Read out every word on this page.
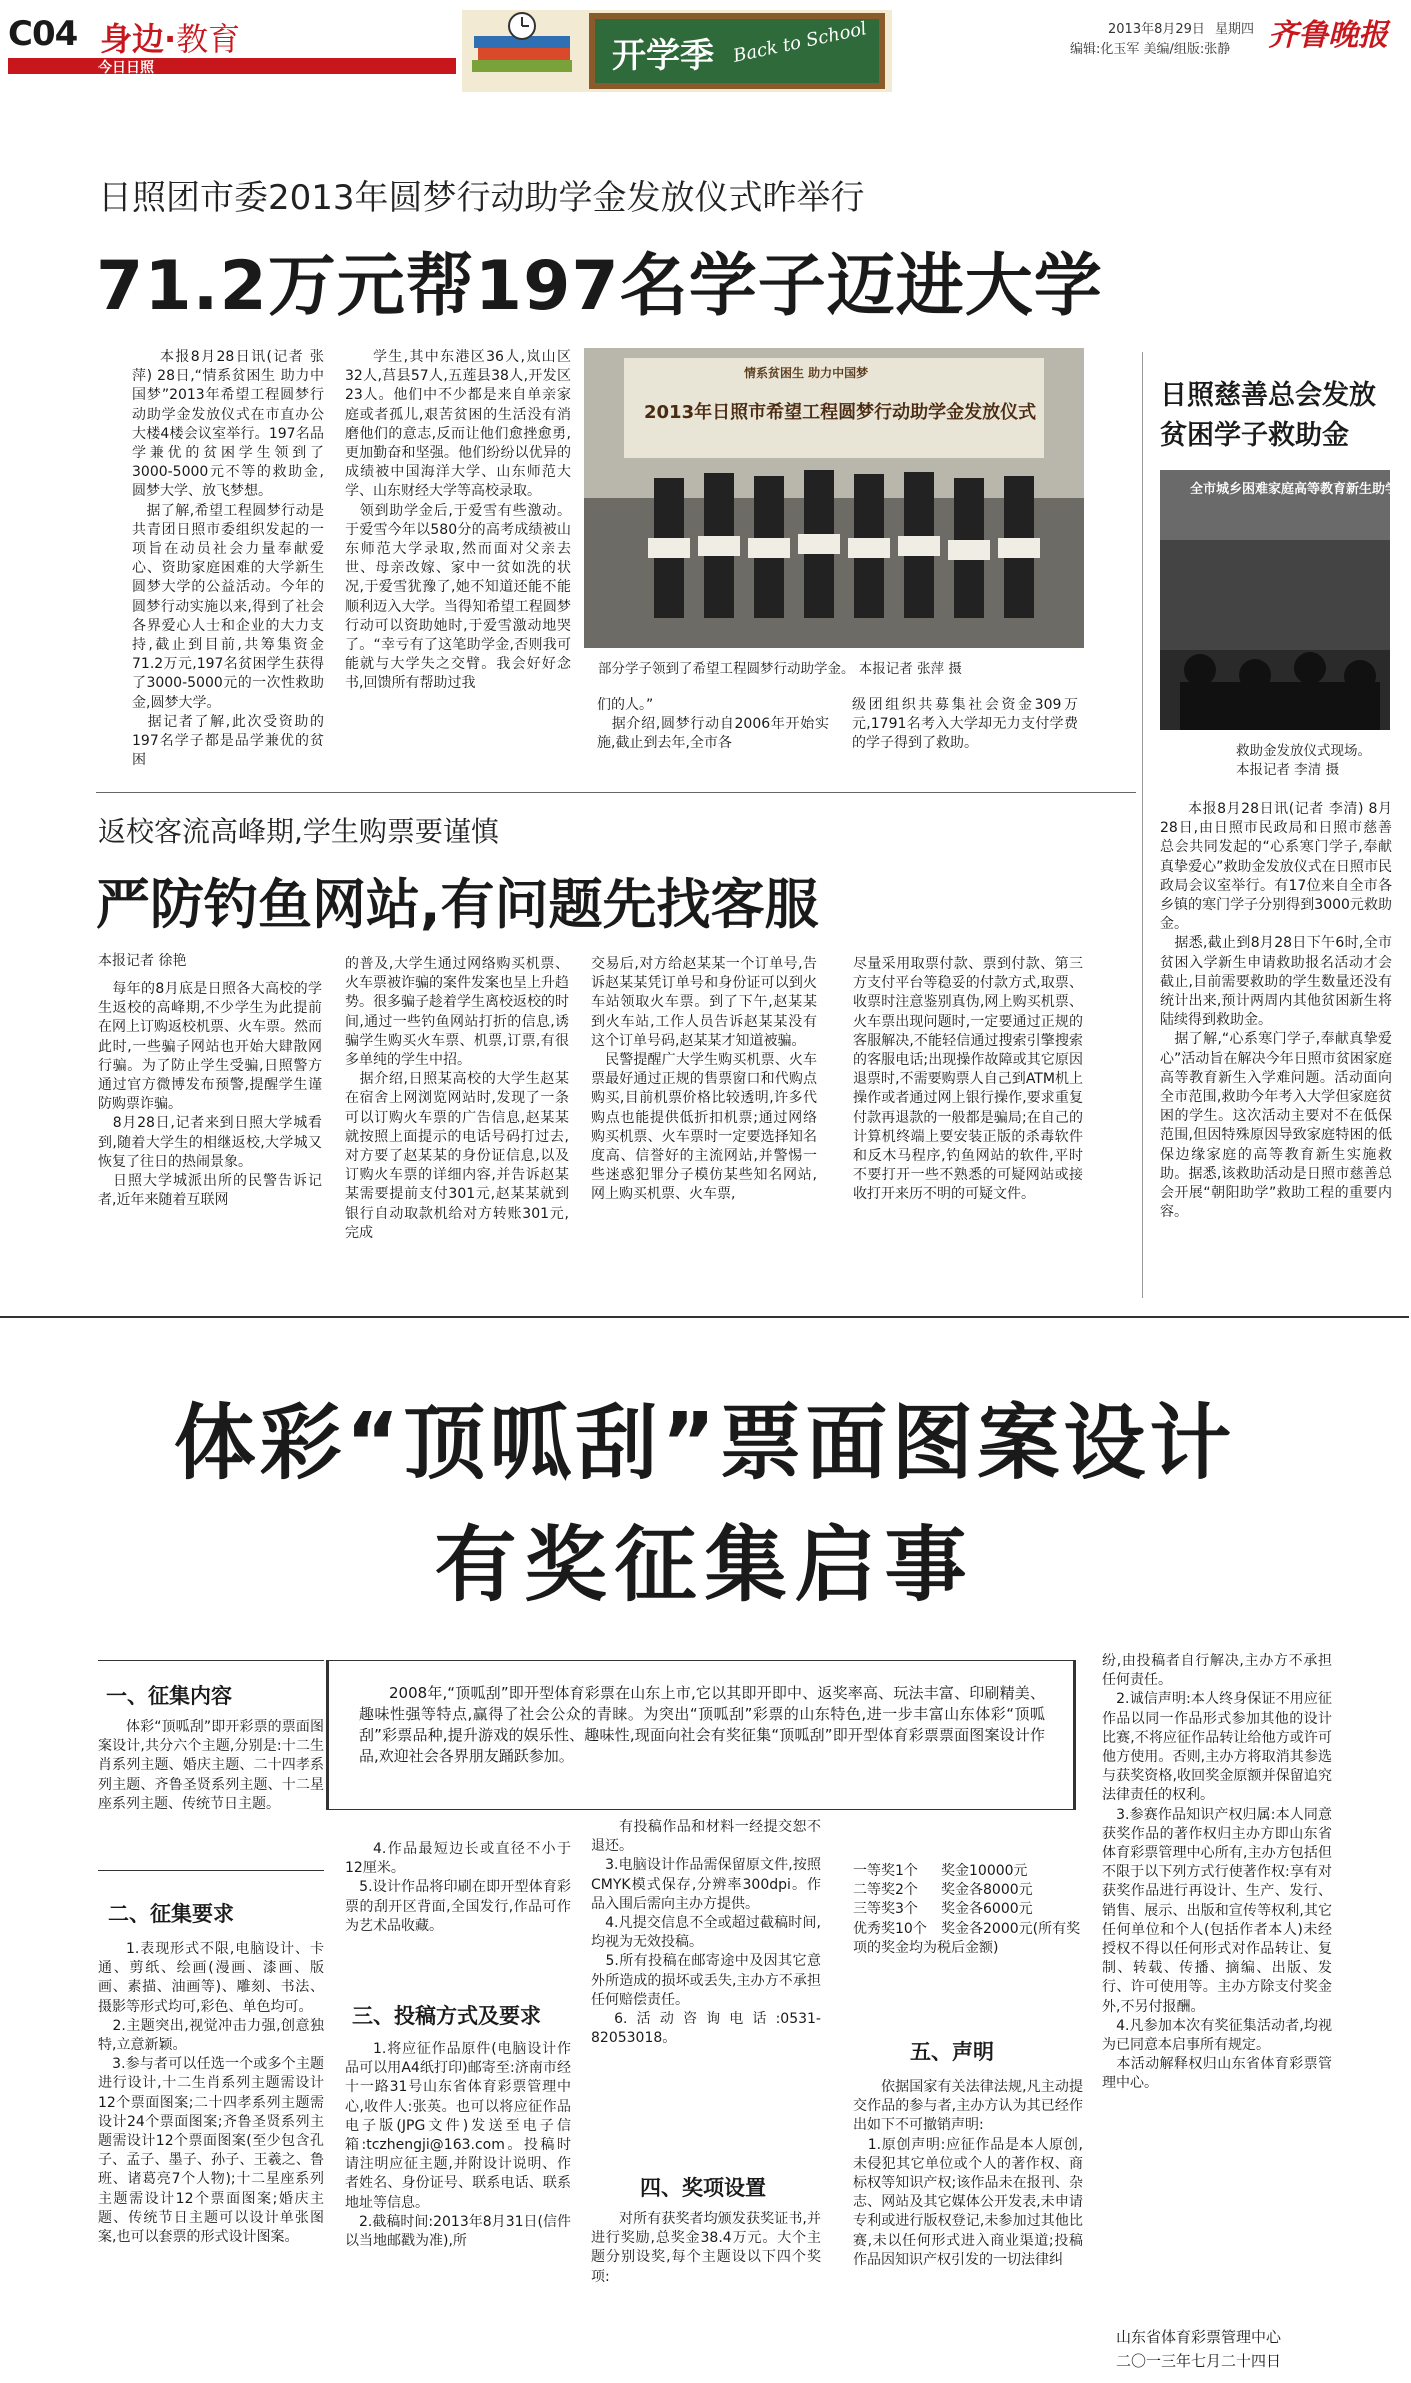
C04 身边·教育
今日日照	开学季 Back to School	2013年8月29日 星期四
编辑:化玉军 美编/组版:张静 齐鲁晚报
日照团市委2013年圆梦行动助学金发放仪式昨举行
71.2万元帮197名学子迈进大学
本报8月28日讯(记者 张萍) 28日,“情系贫困生 助力中国梦”2013年希望工程圆梦行动助学金发放仪式在市直办公大楼4楼会议室举行。197名品学兼优的贫困学生领到了3000-5000元不等的救助金,圆梦大学、放飞梦想。
　据了解,希望工程圆梦行动是共青团日照市委组织发起的一项旨在动员社会力量奉献爱心、资助家庭困难的大学新生圆梦大学的公益活动。今年的圆梦行动实施以来,得到了社会各界爱心人士和企业的大力支持,截止到目前,共筹集资金71.2万元,197名贫困学生获得了3000-5000元的一次性救助金,圆梦大学。
　据记者了解,此次受资助的197名学子都是品学兼优的贫困
学生,其中东港区36人,岚山区32人,莒县57人,五莲县38人,开发区23人。他们中不少都是来自单亲家庭或者孤儿,艰苦贫困的生活没有消磨他们的意志,反而让他们愈挫愈勇,更加勤奋和坚强。他们纷纷以优异的成绩被中国海洋大学、山东师范大学、山东财经大学等高校录取。
　领到助学金后,于爱雪有些激动。于爱雪今年以580分的高考成绩被山东师范大学录取,然而面对父亲去世、母亲改嫁、家中一贫如洗的状况,于爱雪犹豫了,她不知道还能不能顺利迈入大学。当得知希望工程圆梦行动可以资助她时,于爱雪激动地哭了。“幸亏有了这笔助学金,否则我可能就与大学失之交臂。我会好好念书,回馈所有帮助过我
情系贫困生 助力中国梦
2013年日照市希望工程圆梦行动助学金发放仪式
部分学子领到了希望工程圆梦行动助学金。 本报记者 张萍 摄
们的人。”
　据介绍,圆梦行动自2006年开始实施,截止到去年,全市各
级团组织共募集社会资金309万元,1791名考入大学却无力支付学费的学子得到了救助。
日照慈善总会发放贫困学子救助金
全市城乡困难家庭高等教育新生助学金
救助金发放仪式现场。
本报记者 李清 摄
本报8月28日讯(记者 李清) 8月28日,由日照市民政局和日照市慈善总会共同发起的“心系寒门学子,奉献真挚爱心”救助金发放仪式在日照市民政局会议室举行。有17位来自全市各乡镇的寒门学子分别得到3000元救助金。
　据悉,截止到8月28日下午6时,全市贫困入学新生申请救助报名活动才会截止,目前需要救助的学生数量还没有统计出来,预计两周内其他贫困新生将陆续得到救助金。
　据了解,“心系寒门学子,奉献真挚爱心”活动旨在解决今年日照市贫困家庭高等教育新生入学难问题。活动面向全市范围,救助今年考入大学但家庭贫困的学生。这次活动主要对不在低保范围,但因特殊原因导致家庭特困的低保边缘家庭的高等教育新生实施救助。据悉,该救助活动是日照市慈善总会开展“朝阳助学”救助工程的重要内容。
返校客流高峰期,学生购票要谨慎
严防钓鱼网站,有问题先找客服
本报记者 徐艳
　每年的8月底是日照各大高校的学生返校的高峰期,不少学生为此提前在网上订购返校机票、火车票。然而此时,一些骗子网站也开始大肆散网行骗。为了防止学生受骗,日照警方通过官方微博发布预警,提醒学生谨防购票诈骗。
　8月28日,记者来到日照大学城看到,随着大学生的相继返校,大学城又恢复了往日的热闹景象。
　日照大学城派出所的民警告诉记者,近年来随着互联网
的普及,大学生通过网络购买机票、火车票被诈骗的案件发案也呈上升趋势。很多骗子趁着学生离校返校的时间,通过一些钓鱼网站打折的信息,诱骗学生购买火车票、机票,订票,有很多单纯的学生中招。
　据介绍,日照某高校的大学生赵某在宿舍上网浏览网站时,发现了一条可以订购火车票的广告信息,赵某某就按照上面提示的电话号码打过去,对方要了赵某某的身份证信息,以及订购火车票的详细内容,并告诉赵某某需要提前支付301元,赵某某就到银行自动取款机给对方转账301元,完成
交易后,对方给赵某某一个订单号,告诉赵某某凭订单号和身份证可以到火车站领取火车票。到了下午,赵某某到火车站,工作人员告诉赵某某没有这个订单号码,赵某某才知道被骗。
　民警提醒广大学生购买机票、火车票最好通过正规的售票窗口和代购点购买,目前机票价格比较透明,许多代购点也能提供低折扣机票;通过网络购买机票、火车票时一定要选择知名度高、信誉好的主流网站,并警惕一些迷惑犯罪分子模仿某些知名网站,网上购买机票、火车票,
尽量采用取票付款、票到付款、第三方支付平台等稳妥的付款方式,取票、收票时注意鉴别真伪,网上购买机票、火车票出现问题时,一定要通过正规的客服解决,不能轻信通过搜索引擎搜索的客服电话;出现操作故障或其它原因退票时,不需要购票人自己到ATM机上操作或者通过网上银行操作,要求重复付款再退款的一般都是骗局;在自己的计算机终端上要安装正版的杀毒软件和反木马程序,钓鱼网站的软件,平时不要打开一些不熟悉的可疑网站或接收打开来历不明的可疑文件。
体彩“顶呱刮”票面图案设计
有奖征集启事
一、征集内容
体彩“顶呱刮”即开彩票的票面图案设计,共分六个主题,分别是:十二生肖系列主题、婚庆主题、二十四孝系列主题、齐鲁圣贤系列主题、十二星座系列主题、传统节日主题。
二、征集要求
1.表现形式不限,电脑设计、卡通、剪纸、绘画(漫画、漆画、版画、素描、油画等)、雕刻、书法、摄影等形式均可,彩色、单色均可。
　2.主题突出,视觉冲击力强,创意独特,立意新颖。
　3.参与者可以任选一个或多个主题进行设计,十二生肖系列主题需设计12个票面图案;二十四孝系列主题需设计24个票面图案;齐鲁圣贤系列主题需设计12个票面图案(至少包含孔子、孟子、墨子、孙子、王羲之、鲁班、诸葛亮7个人物);十二星座系列主题需设计12个票面图案;婚庆主题、传统节日主题可以设计单张图案,也可以套票的形式设计图案。
2008年,“顶呱刮”即开型体育彩票在山东上市,它以其即开即中、返奖率高、玩法丰富、印刷精美、趣味性强等特点,赢得了社会公众的青睐。为突出“顶呱刮”彩票的山东特色,进一步丰富山东体彩“顶呱刮”彩票品种,提升游戏的娱乐性、趣味性,现面向社会有奖征集“顶呱刮”即开型体育彩票票面图案设计作品,欢迎社会各界朋友踊跃参加。
4.作品最短边长或直径不小于12厘米。
　5.设计作品将印刷在即开型体育彩票的刮开区背面,全国发行,作品可作为艺术品收藏。
三、投稿方式及要求
1.将应征作品原件(电脑设计作品可以用A4纸打印)邮寄至:济南市经十一路31号山东省体育彩票管理中心,收件人:张英。也可以将应征作品电子版(JPG文件)发送至电子信箱:tczhengji@163.com。投稿时请注明应征主题,并附设计说明、作者姓名、身份证号、联系电话、联系地址等信息。
　2.截稿时间:2013年8月31日(信件以当地邮戳为准),所
有投稿作品和材料一经提交恕不退还。
　3.电脑设计作品需保留原文件,按照CMYK模式保存,分辨率300dpi。作品入围后需向主办方提供。
　4.凡提交信息不全或超过截稿时间,均视为无效投稿。
　5.所有投稿在邮寄途中及因其它意外所造成的损坏或丢失,主办方不承担任何赔偿责任。
　6.活动咨询电话:0531-82053018。
四、奖项设置
对所有获奖者均颁发获奖证书,并进行奖励,总奖金38.4万元。大个主题分别设奖,每个主题设以下四个奖项:
一等奖1个 奖金10000元
二等奖2个 奖金各8000元
三等奖3个 奖金各6000元
优秀奖10个 奖金各2000元(所有奖项的奖金均为税后金额)
五、声明
依据国家有关法律法规,凡主动提交作品的参与者,主办方认为其已经作出如下不可撤销声明:
　1.原创声明:应征作品是本人原创,未侵犯其它单位或个人的著作权、商标权等知识产权;该作品未在报刊、杂志、网站及其它媒体公开发表,未申请专利或进行版权登记,未参加过其他比赛,未以任何形式进入商业渠道;投稿作品因知识产权引发的一切法律纠
纷,由投稿者自行解决,主办方不承担任何责任。
　2.诚信声明:本人终身保证不用应征作品以同一作品形式参加其他的设计比赛,不将应征作品转让给他方或许可他方使用。否则,主办方将取消其参选与获奖资格,收回奖金原额并保留追究法律责任的权利。
　3.参赛作品知识产权归属:本人同意获奖作品的著作权归主办方即山东省体育彩票管理中心所有,主办方包括但不限于以下列方式行使著作权:享有对获奖作品进行再设计、生产、发行、销售、展示、出版和宣传等权利,其它任何单位和个人(包括作者本人)未经授权不得以任何形式对作品转让、复制、转载、传播、摘编、出版、发行、许可使用等。主办方除支付奖金外,不另付报酬。
　4.凡参加本次有奖征集活动者,均视为已同意本启事所有规定。
　本活动解释权归山东省体育彩票管理中心。
山东省体育彩票管理中心
二〇一三年七月二十四日
